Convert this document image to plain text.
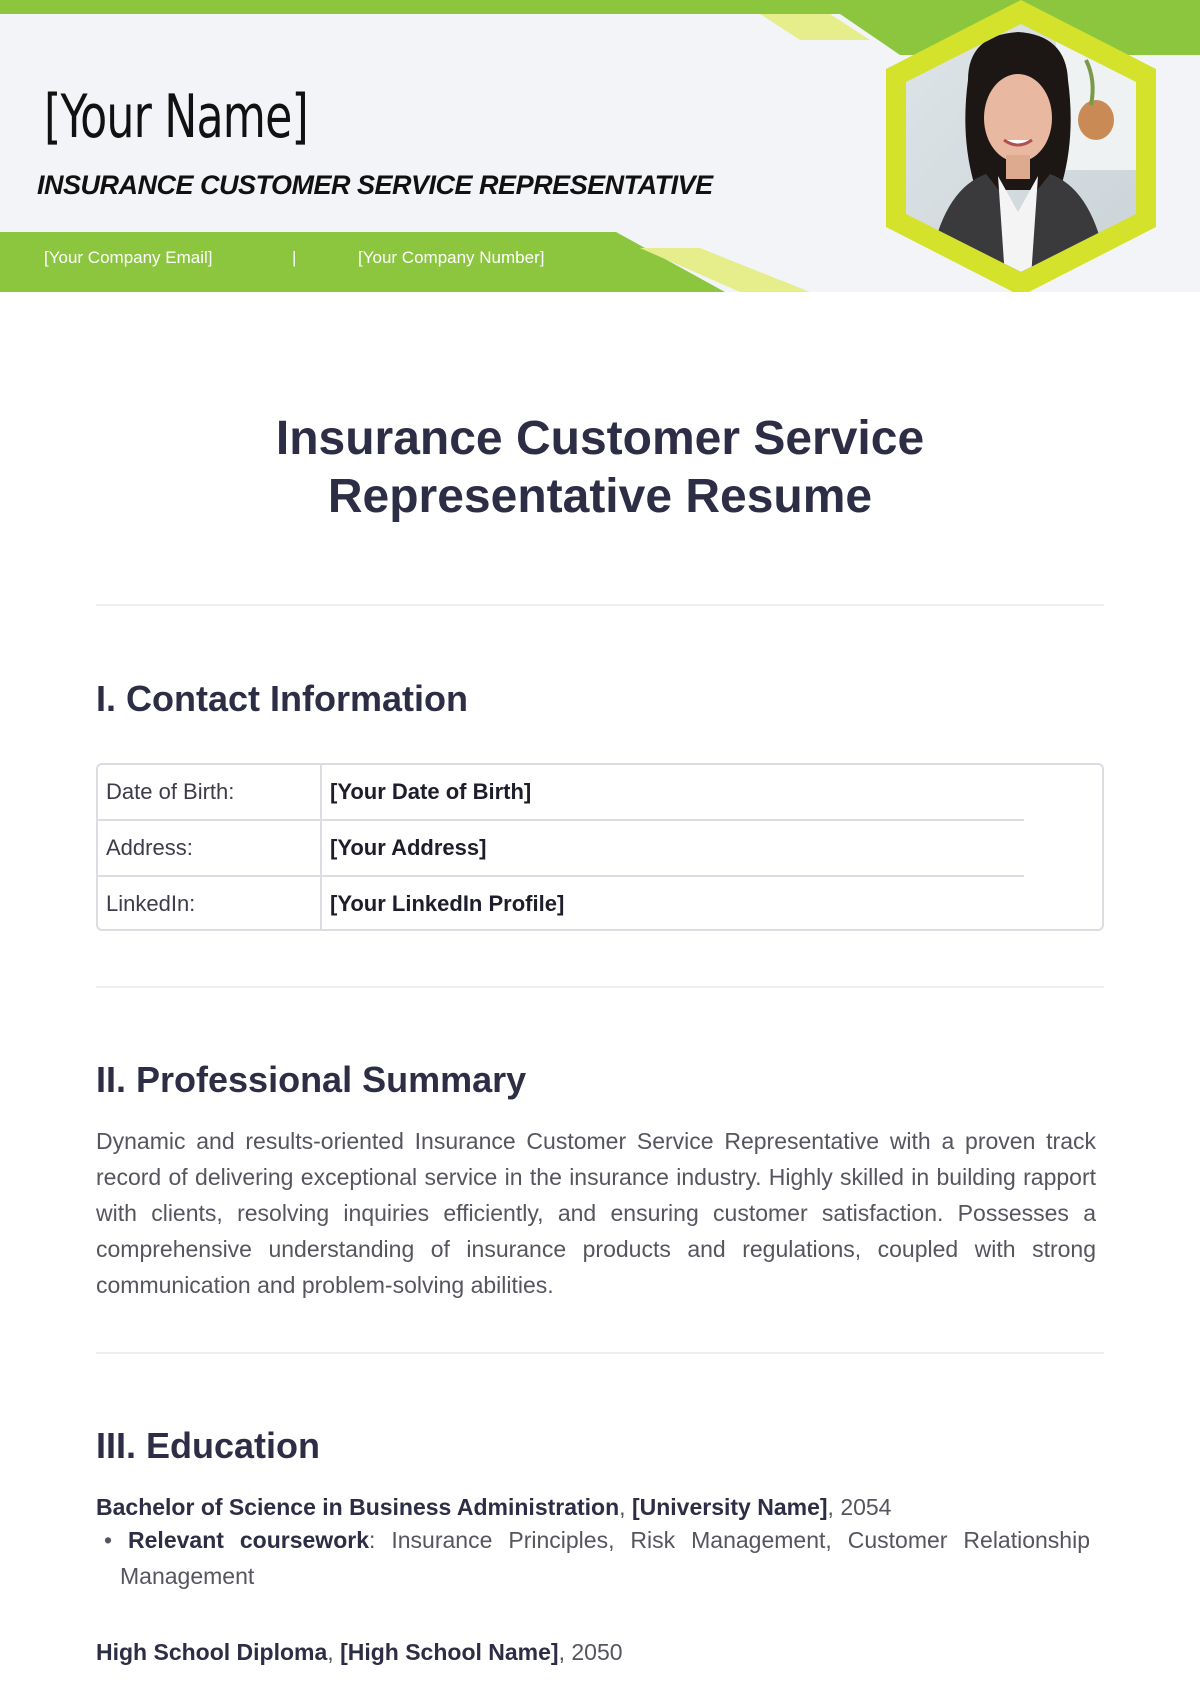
[Your Name]
INSURANCE CUSTOMER SERVICE REPRESENTATIVE
[Your Company Email]	|	[Your Company Number]
Insurance Customer Service Representative Resume
I. Contact Information
Date of Birth:	[Your Date of Birth]
Address:	[Your Address]
LinkedIn:	[Your LinkedIn Profile]
II. Professional Summary

Dynamic and results-oriented Insurance Customer Service Representative with a proven track record of delivering exceptional service in the insurance industry. Highly skilled in building rapport with clients, resolving inquiries efficiently, and ensuring customer satisfaction. Possesses a comprehensive understanding of insurance products and regulations, coupled with strong communication and problem-solving abilities.

III. Education

Bachelor of Science in Business Administration, [University Name], 2054

• Relevant coursework: Insurance Principles, Risk Management, Customer Relationship Management

High School Diploma, [High School Name], 2050
